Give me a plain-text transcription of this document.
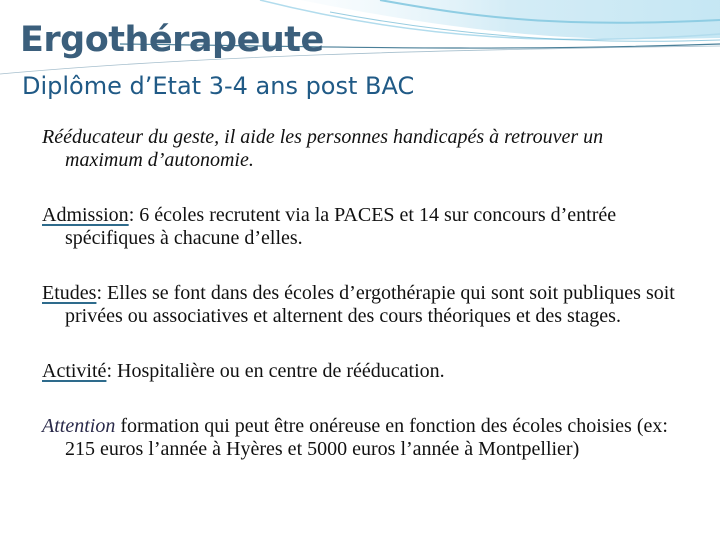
Ergothérapeute
Diplôme d’Etat 3-4 ans post BAC

Rééducateur du geste, il aide les personnes handicapés à retrouver un maximum d’autonomie.

Admission: 6 écoles recrutent via la PACES et 14 sur concours d’entrée spécifiques à chacune d’elles.

Etudes: Elles se font dans des écoles d’ergothérapie qui sont soit publiques soit privées ou associatives et alternent des cours théoriques et des stages.

Activité: Hospitalière ou en centre de rééducation.

Attention formation qui peut être onéreuse en fonction des écoles choisies (ex: 215 euros l’année à Hyères et 5000 euros l’année à Montpellier)
